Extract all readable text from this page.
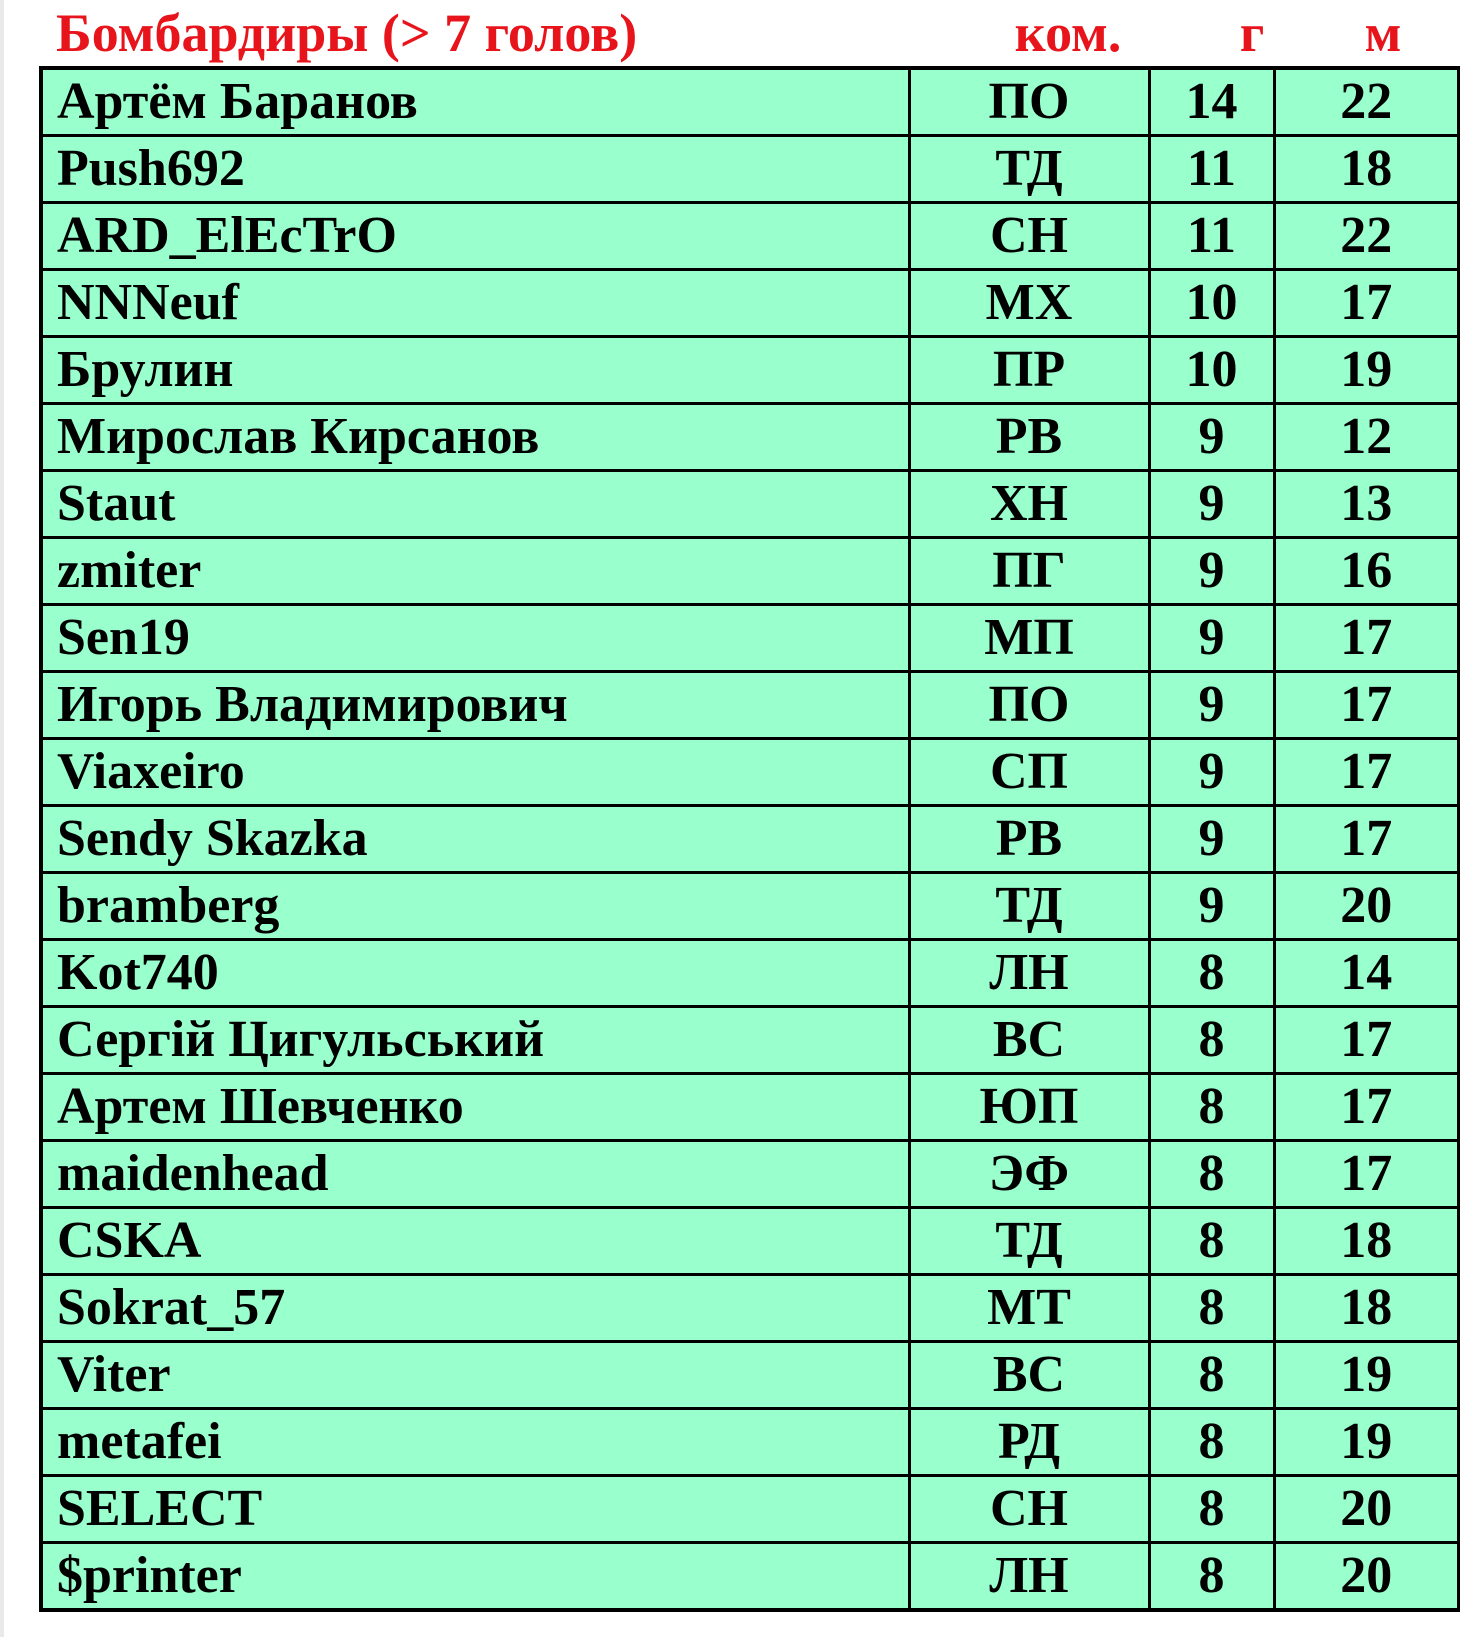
Бомбардиры (> 7 голов)	ком.	г	м
Артём Баранов	ПО	14	22
Push692	ТД	11	18
ARD_ElEcTrO	СН	11	22
NNNeuf	МХ	10	17
Брулин	ПР	10	19
Мирослав Кирсанов	РВ	9	12
Staut	ХН	9	13
zmiter	ПГ	9	16
Sen19	МП	9	17
Игорь Владимирович	ПО	9	17
Viaxeiro	СП	9	17
Sendy Skazka	РВ	9	17
bramberg	ТД	9	20
Kot740	ЛН	8	14
Сергій Цигульський	ВС	8	17
Артем Шевченко	ЮП	8	17
maidenhead	ЭФ	8	17
CSKA	ТД	8	18
Sokrat_57	МТ	8	18
Viter	ВС	8	19
metafei	РД	8	19
SELECT	СН	8	20
$printer	ЛН	8	20
